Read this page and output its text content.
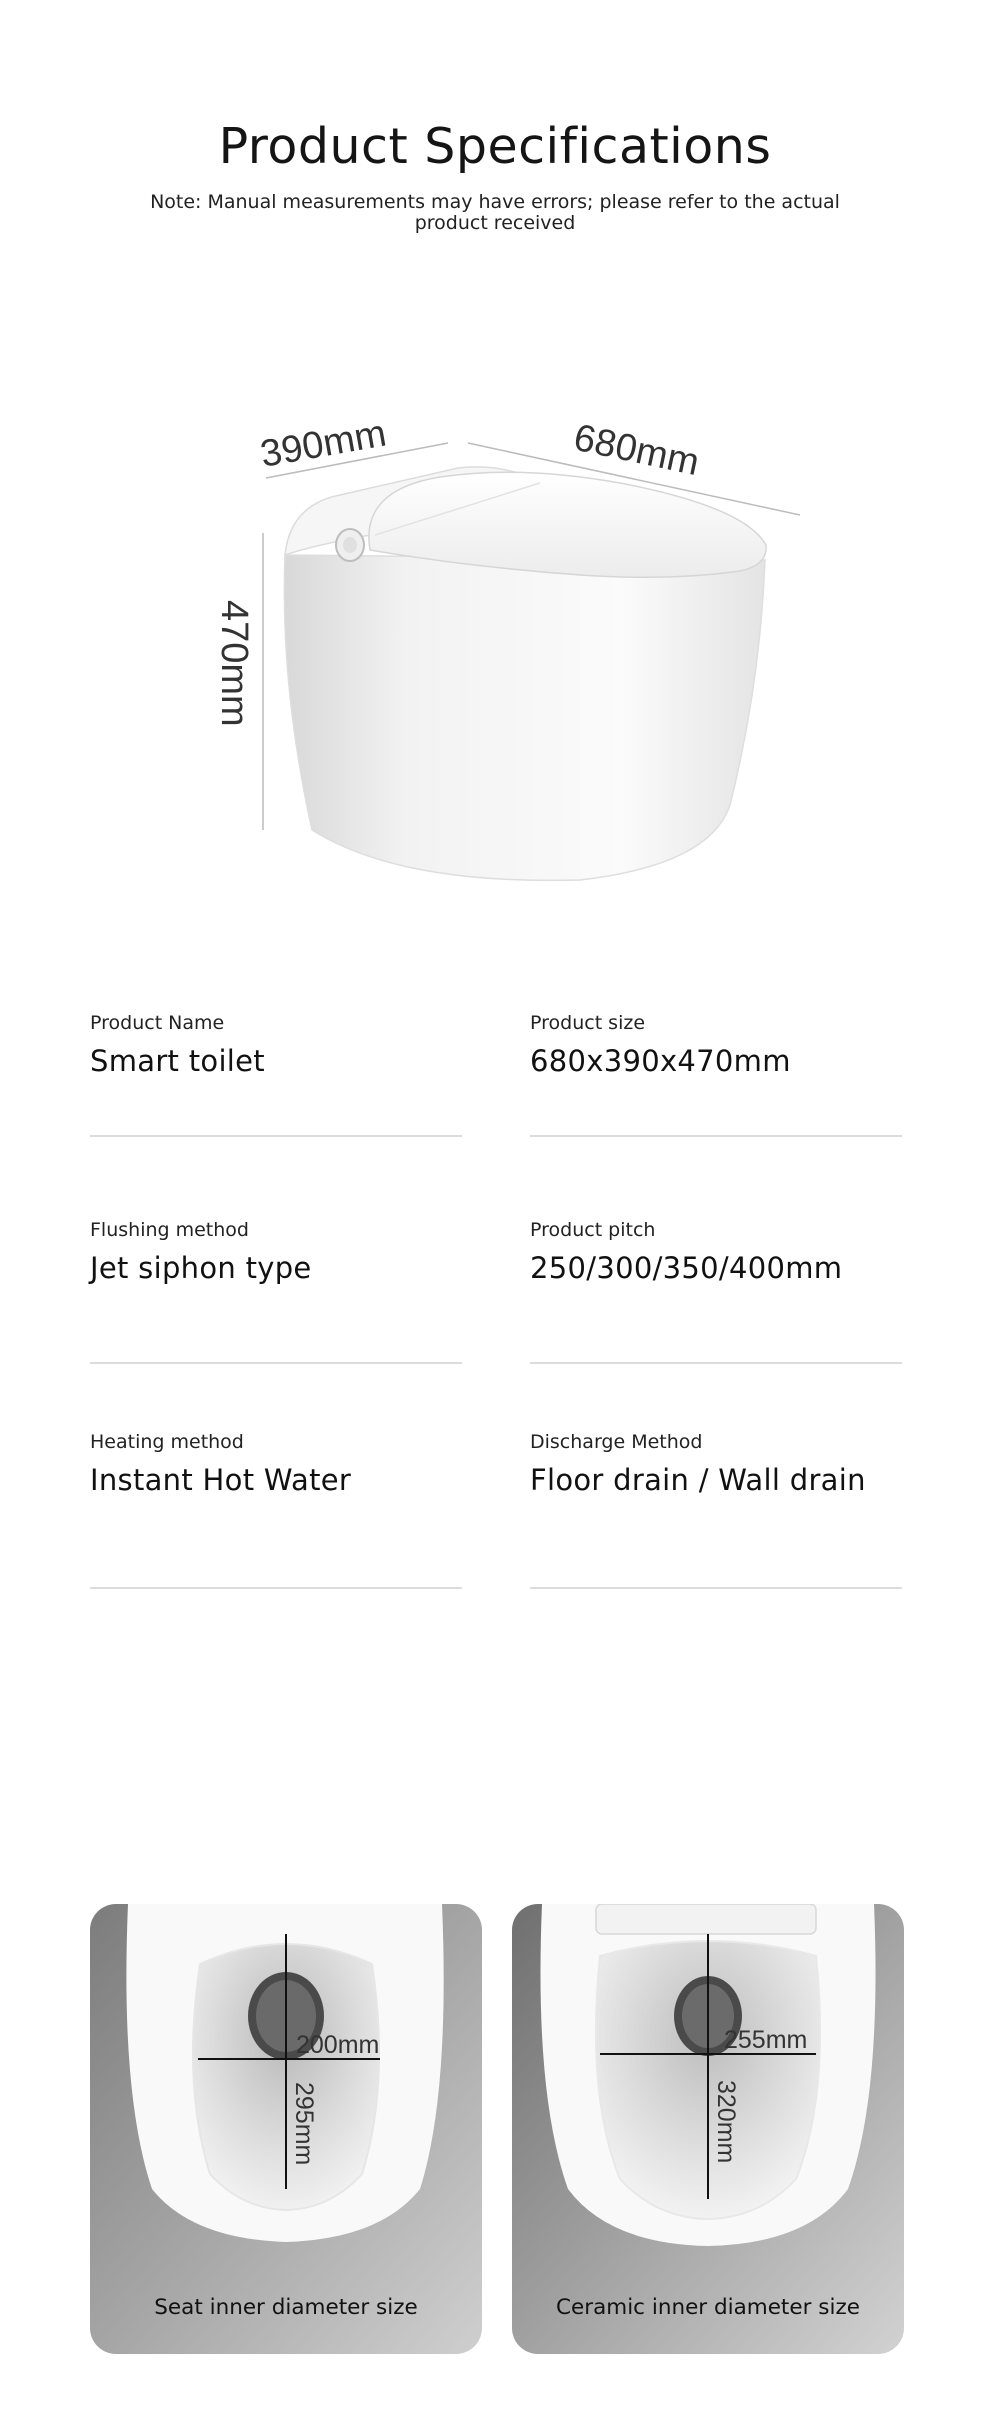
Product Specifications
Note: Manual measurements may have errors; please refer to the actual product received
390mm	680mm
470mm
Product Name
Smart toilet
Product size
680x390x470mm
Flushing method
Jet siphon type
Product pitch
250/300/350/400mm
Heating method
Instant Hot Water
Discharge Method
Floor drain / Wall drain
200mm
295mm
Seat inner diameter size
255mm
320mm
Ceramic inner diameter size
